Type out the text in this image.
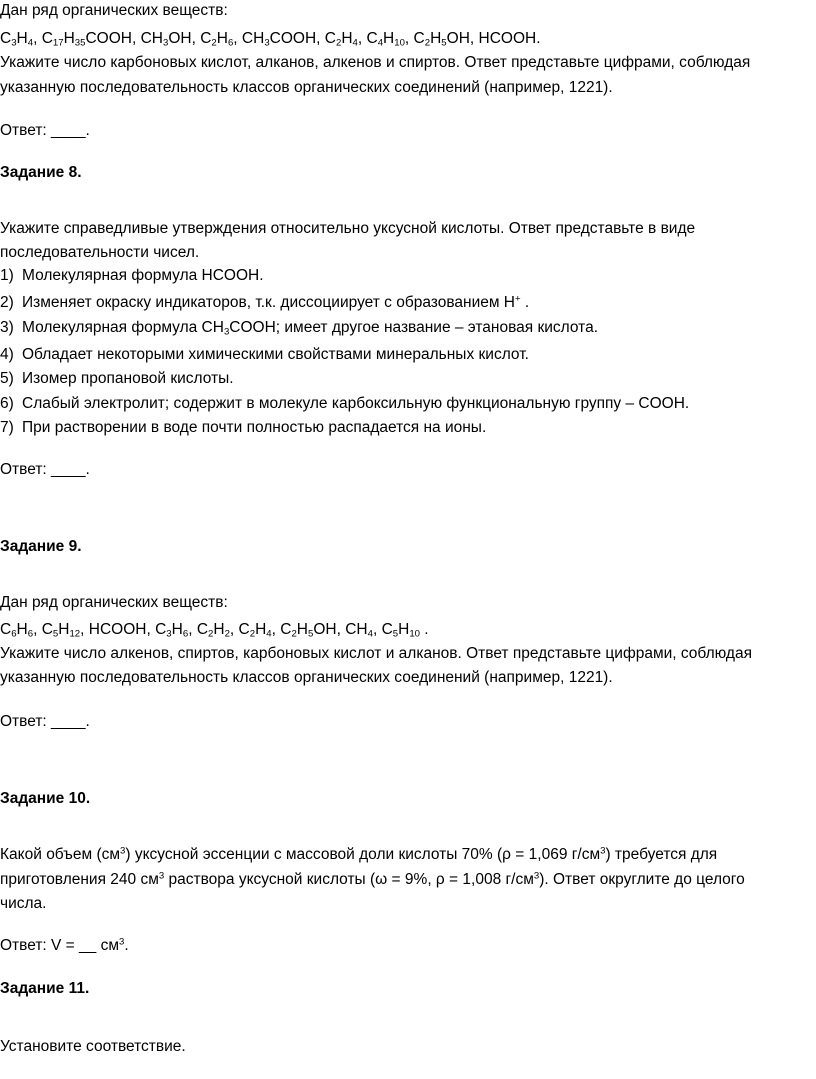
Дан ряд органических веществ:
$C_3H_4$, $C_{17}H_{35}COOH$, $CH_3OH$, $C_2H_6$, $CH_3COOH$, $C_2H_4$, $C_4H_{10}$, $C_2H_5OH$, HCOOH.
Укажите число карбоновых кислот, алканов, алкенов и спиртов. Ответ представьте цифрами, соблюдая
указанную последовательность классов органических соединений (например, 1221).
Ответ: ____.
Задание 8.
Укажите справедливые утверждения относительно уксусной кислоты. Ответ представьте в виде
последовательности чисел.
1) Молекулярная формула HCOOH.
2) Изменяет окраску индикаторов, т.к. диссоциирует с образованием H+ .
3) Молекулярная формула $CH_3COOH$; имеет другое название – этановая кислота.
4) Обладает некоторыми химическими свойствами минеральных кислот.
5) Изомер пропановой кислоты.
6) Слабый электролит; содержит в молекуле карбоксильную функциональную группу – COOH.
7) При растворении в воде почти полностью распадается на ионы.
Ответ: ____.
Задание 9.
Дан ряд органических веществ:
$C_6H_6$, $C_5H_{12}$, HCOOH, $C_3H_6$, $C_2H_2$, $C_2H_4$, $C_2H_5OH$, $CH_4$, $C_5H_{10}$ .
Укажите число алкенов, спиртов, карбоновых кислот и алканов. Ответ представьте цифрами, соблюдая
указанную последовательность классов органических соединений (например, 1221).
Ответ: ____.
Задание 10.
Какой объем $(см^3)$ уксусной эссенции с массовой доли кислоты 70% (ρ = 1,069 $г/см^3$) требуется для
приготовления 240 $см^3$ раствора уксусной кислоты (ω = 9%, ρ = 1,008 $г/см^3$). Ответ округлите до целого
числа.
Ответ: V = __ $см^3$.
Задание 11.
Установите соответствие.
